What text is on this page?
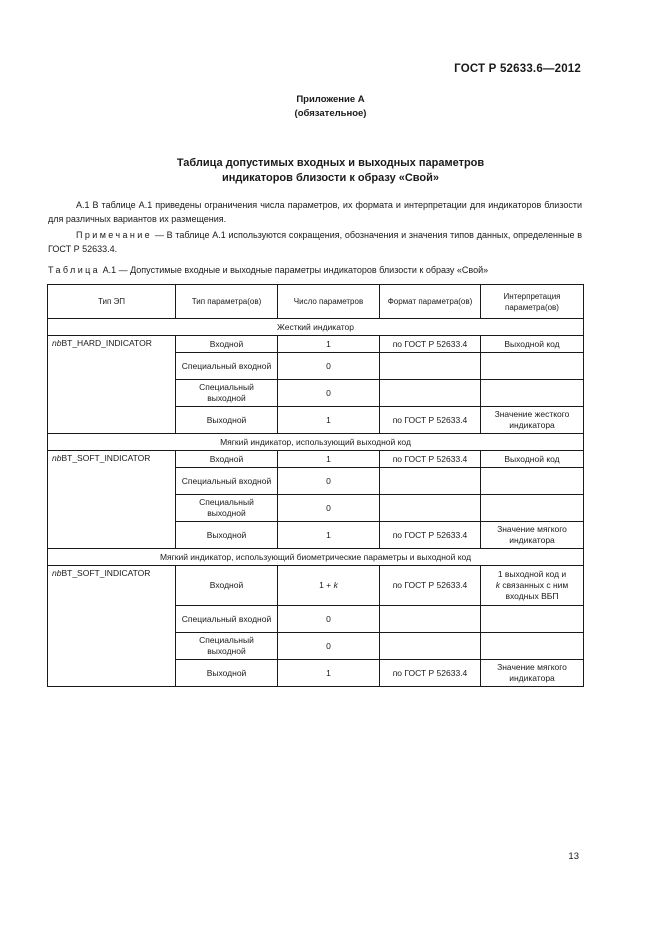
ГОСТ Р 52633.6—2012
Приложение А
(обязательное)
Таблица допустимых входных и выходных параметров
индикаторов близости к образу «Свой»
А.1 В таблице А.1 приведены ограничения числа параметров, их формата и интерпретации для индикаторов близости для различных вариантов их размещения.
Примечание — В таблице А.1 используются сокращения, обозначения и значения типов данных, определенные в ГОСТ Р 52633.4.
Таблица А.1 — Допустимые входные и выходные параметры индикаторов близости к образу «Свой»
Тип ЭП	Тип параметра(ов)	Число параметров	Формат параметра(ов)	Интерпретация параметра(ов)
Жесткий индикатор				
nbBT_HARD_INDICATOR	Входной	1	по ГОСТ Р 52633.4	Выходной код
	Специальный входной	0		
	Специальный выходной	0		
	Выходной	1	по ГОСТ Р 52633.4	Значение жесткого индикатора
Мягкий индикатор, использующий выходной код				
nbBT_SOFT_INDICATOR	Входной	1	по ГОСТ Р 52633.4	Выходной код
	Специальный входной	0		
	Специальный выходной	0		
	Выходной	1	по ГОСТ Р 52633.4	Значение мягкого индикатора
Мягкий индикатор, использующий биометрические параметры и выходной код				
nbBT_SOFT_INDICATOR	Входной	1 + k	по ГОСТ Р 52633.4	1 выходной код и
k связанных с ним входных ВБП
	Специальный входной	0		
	Специальный выходной	0		
	Выходной	1	по ГОСТ Р 52633.4	Значение мягкого индикатора
13
